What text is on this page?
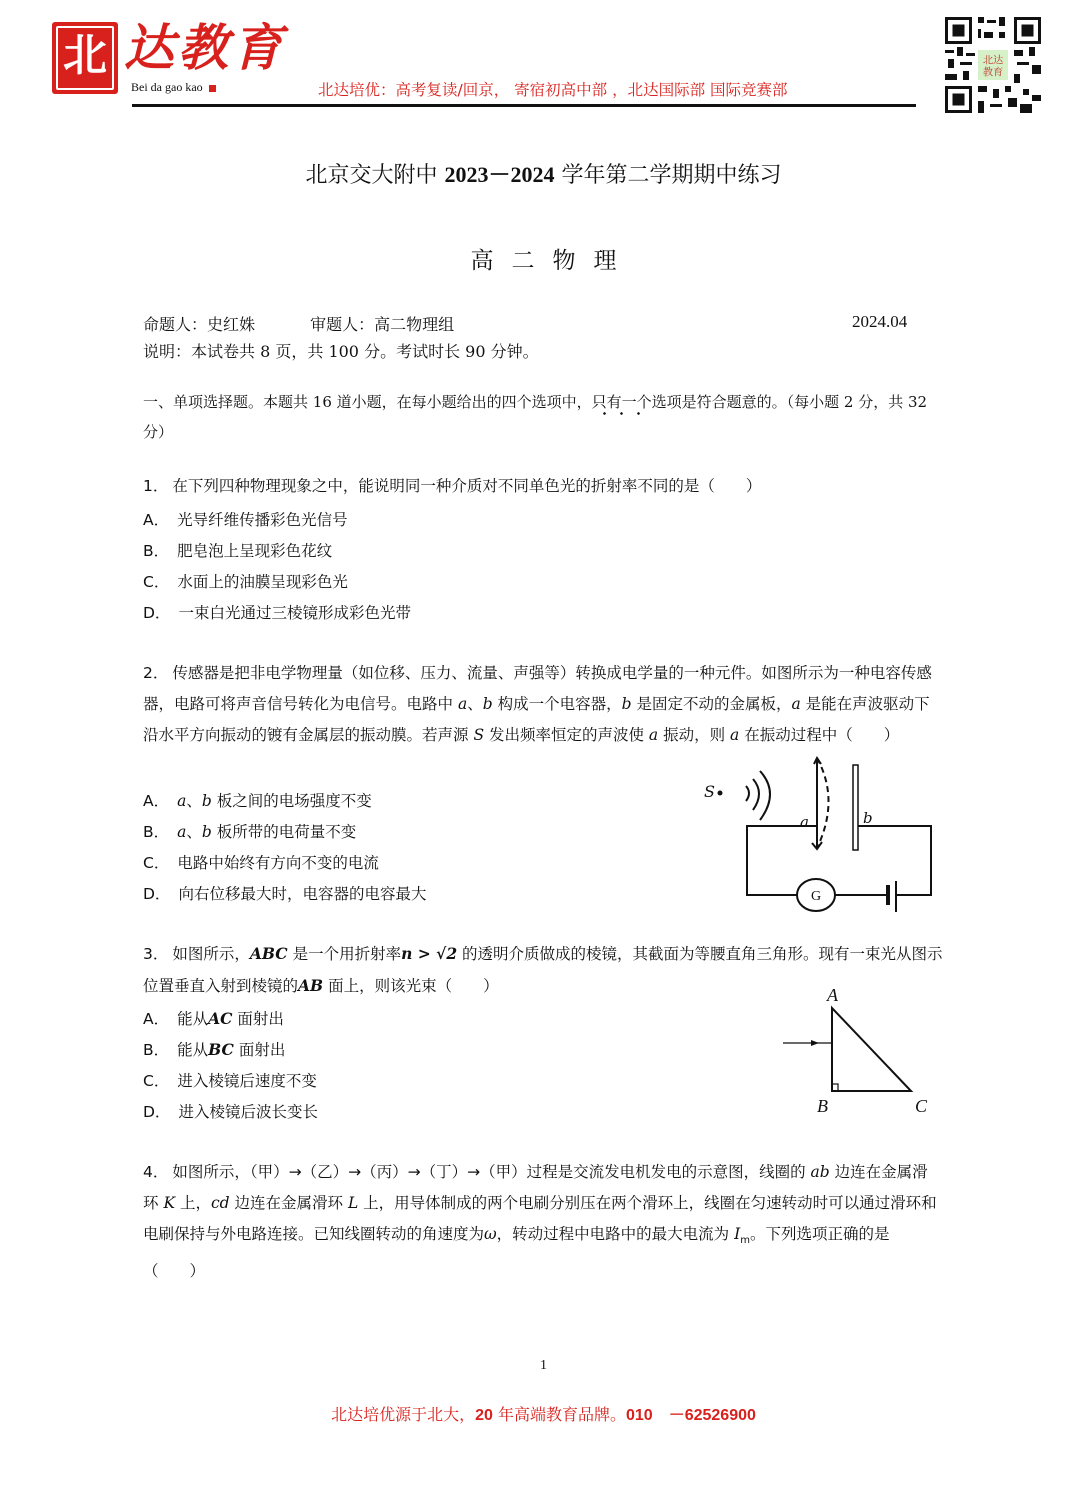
北 达教育
Bei da gao kao	北达培优：高考复读/回京， 寄宿初高中部 ，北达国际部 国际竞赛部
北达
教育
北京交大附中 2023－2024 学年第二学期期中练习
高二物理
命题人：史红姝	审题人：高二物理组	2024.04
说明：本试卷共 8 页，共 100 分。考试时长 90 分钟。
一、单项选择题。本题共 16 道小题，在每小题给出的四个选项中，只有一个选项是符合题意的。（每小题 2 分，共 32 分）
1． 在下列四种物理现象之中，能说明同一种介质对不同单色光的折射率不同的是（　　）
A． 光导纤维传播彩色光信号
B． 肥皂泡上呈现彩色花纹
C． 水面上的油膜呈现彩色光
D． 一束白光通过三棱镜形成彩色光带
2． 传感器是把非电学物理量（如位移、压力、流量、声强等）转换成电学量的一种元件。如图所示为一种电容传感器，电路可将声音信号转化为电信号。电路中 a、b 构成一个电容器，b 是固定不动的金属板，a 是能在声波驱动下沿水平方向振动的镀有金属层的振动膜。若声源 S 发出频率恒定的声波使 a 振动，则 a 在振动过程中（　　）
A． a、b 板之间的电场强度不变
B． a、b 板所带的电荷量不变
C． 电路中始终有方向不变的电流
D． 向右位移最大时，电容器的电容最大
S
a	b
G
3． 如图所示，ABC 是一个用折射率n > √2 的透明介质做成的棱镜，其截面为等腰直角三角形。现有一束光从图示位置垂直入射到棱镜的AB 面上，则该光束（　　）
A． 能从AC 面射出
B． 能从BC 面射出
C． 进入棱镜后速度不变
D． 进入棱镜后波长变长
A
B	C
4． 如图所示，（甲）→（乙）→（丙）→（丁）→（甲）过程是交流发电机发电的示意图，线圈的 ab 边连在金属滑环 K 上，cd 边连在金属滑环 L 上，用导体制成的两个电刷分别压在两个滑环上，线圈在匀速转动时可以通过滑环和电刷保持与外电路连接。已知线圈转动的角速度为ω，转动过程中电路中的最大电流为 $I_m$。下列选项正确的是（　　）
1
北达培优源于北大，20 年高端教育品牌。010　－62526900
